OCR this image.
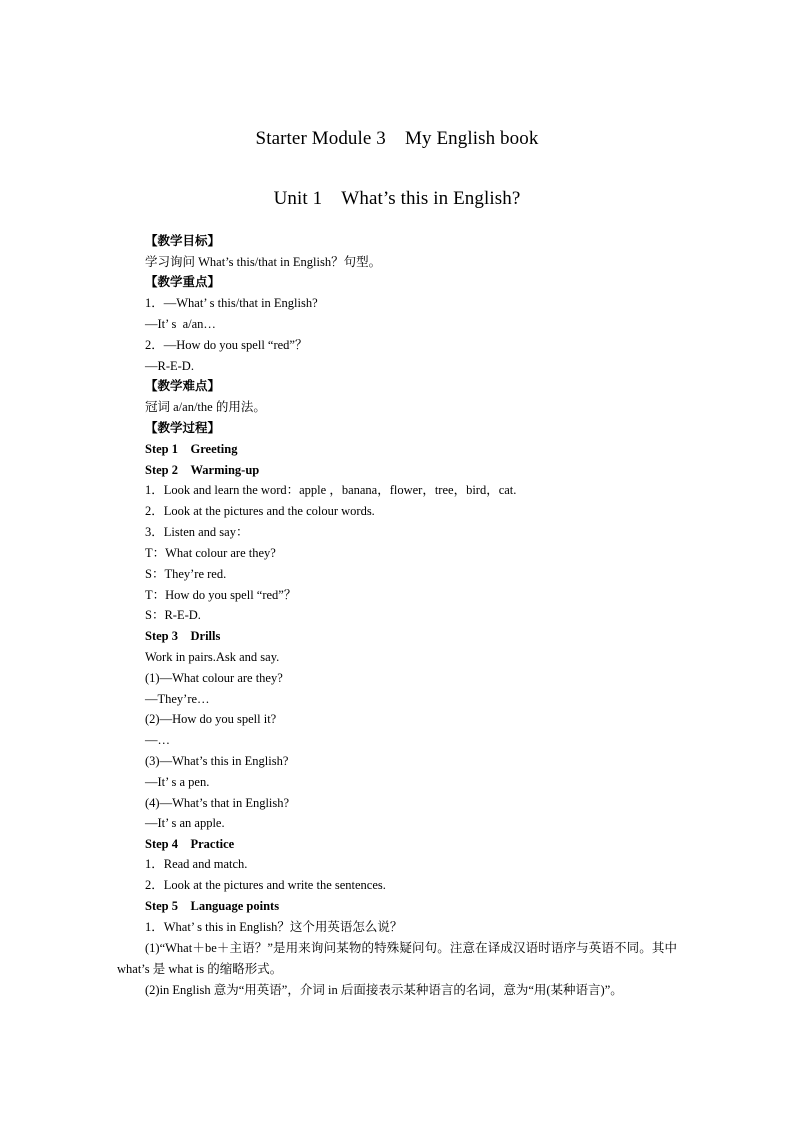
Starter Module 3　My English book
Unit 1　What’s this in English?
【教学目标】
学习询问 What’s this/that in English？句型。
【教学重点】
1．—What’ s this/that in English?
—It’ s  a/an…
2．—How do you spell “red”？
—R-E-D.
【教学难点】
冠词 a/an/the 的用法。
【教学过程】
Step 1　Greeting
Step 2　Warming-up
1．Look and learn the word：apple ，banana，flower，tree，bird，cat.
2．Look at the pictures and the colour words.
3．Listen and say：
T：What colour are they?
S：They’re red.
T：How do you spell “red”？
S：R-E-D.
Step 3　Drills
Work in pairs.Ask and say.
(1)—What colour are they?
—They’re…
(2)—How do you spell it?
—…
(3)—What’s this in English?
—It’ s a pen.
(4)—What’s that in English?
—It’ s an apple.
Step 4　Practice
1．Read and match.
2．Look at the pictures and write the sentences.
Step 5　Language points
1．What’ s this in English？这个用英语怎么说？
(1)“What＋be＋主语？”是用来询问某物的特殊疑问句。注意在译成汉语时语序与英语不同。其中 what’s 是 what is 的缩略形式。
(2)in English 意为“用英语”，介词 in 后面接表示某种语言的名词，意为“用(某种语言)”。
